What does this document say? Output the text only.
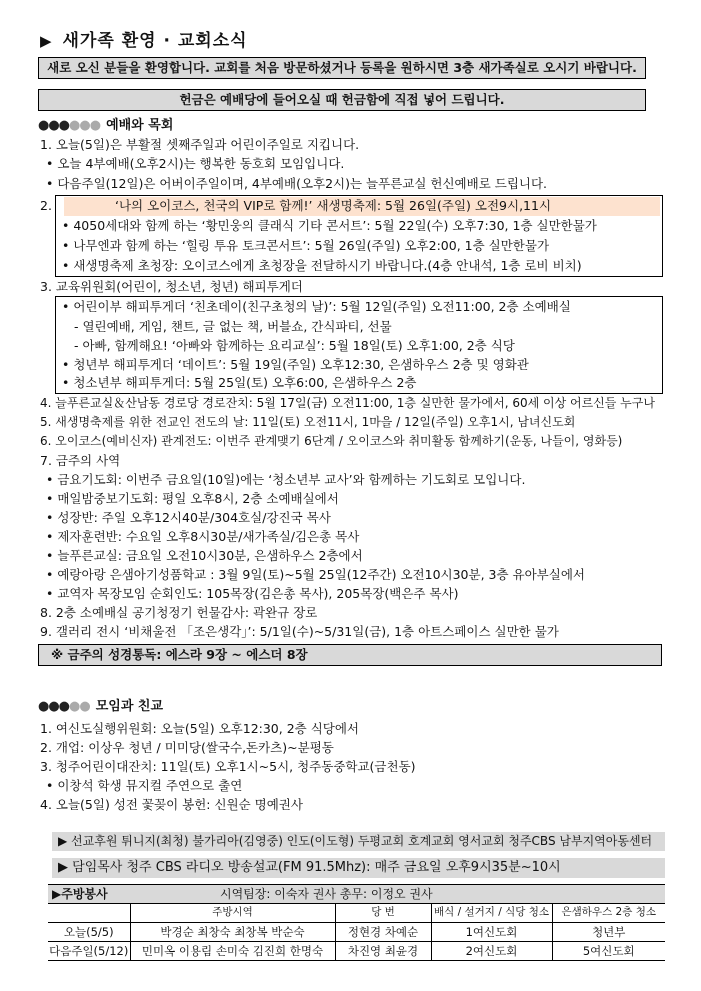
▶ 새가족 환영 · 교회소식
새로 오신 분들을 환영합니다. 교회를 처음 방문하셨거나 등록을 원하시면 3층 새가족실로 오시기 바랍니다.
헌금은 예배당에 들어오실 때 헌금함에 직접 넣어 드립니다.
●●●●●● 예배와 목회
1. 오늘(5일)은 부활절 셋째주일과 어린이주일로 지킵니다.
• 오늘 4부예배(오후2시)는 행복한 동호회 모임입니다.
• 다음주일(12일)은 어버이주일이며, 4부예배(오후2시)는 늘푸른교실 헌신예배로 드립니다.
2.	‘나의 오이코스, 천국의 VIP로 함께!’ 새생명축제: 5월 26일(주일) 오전9시,11시
• 4050세대와 함께 하는 ‘황민웅의 클래식 기타 콘서트’: 5월 22일(수) 오후7:30, 1층 실만한물가
• 나무엔과 함께 하는 ‘힐링 투유 토크콘서트’: 5월 26일(주일) 오후2:00, 1층 실만한물가
• 새생명축제 초청장: 오이코스에게 초청장을 전달하시기 바랍니다.(4층 안내석, 1층 로비 비치)
3. 교육위원회(어린이, 청소년, 청년) 해피투게더
• 어린이부 해피투게더 ‘친초데이(친구초청의 날)’: 5월 12일(주일) 오전11:00, 2층 소예배실
- 열린예배, 게임, 챈트, 글 없는 책, 버블쇼, 간식파티, 선물
- 아빠, 함께해요! ‘아빠와 함께하는 요리교실’: 5월 18일(토) 오후1:00, 2층 식당
• 청년부 해피투게더 ‘데이트’: 5월 19일(주일) 오후12:30, 은샘하우스 2층 및 영화관
• 청소년부 해피투게더: 5월 25일(토) 오후6:00, 은샘하우스 2층
4. 늘푸른교실＆산남동 경로당 경로잔치: 5월 17일(금) 오전11:00, 1층 실만한 물가에서, 60세 이상 어르신들 누구나
5. 새생명축제를 위한 전교인 전도의 날: 11일(토) 오전11시, 1마을 / 12일(주일) 오후1시, 남녀신도회
6. 오이코스(예비신자) 관계전도: 이번주 관계맺기 6단계 / 오이코스와 취미활동 함께하기(운동, 나들이, 영화등)
7. 금주의 사역
• 금요기도회: 이번주 금요일(10일)에는 ‘청소년부 교사’와 함께하는 기도회로 모입니다.
• 매일밤중보기도회: 평일 오후8시, 2층 소예배실에서
• 성장반: 주일 오후12시40분/304호실/강진국 목사
• 제자훈련반: 수요일 오후8시30분/새가족실/김은총 목사
• 늘푸른교실: 금요일 오전10시30분, 은샘하우스 2층에서
• 예랑아랑 은샘아기성품학교 : 3월 9일(토)~5월 25일(12주간) 오전10시30분, 3층 유아부실에서
• 교역자 목장모임 순회인도: 105목장(김은총 목사), 205목장(백은주 목사)
8. 2층 소예배실 공기청정기 헌물감사: 곽완규 장로
9. 갤러리 전시 ‘비채울전 「조은생각」’: 5/1일(수)~5/31일(금), 1층 아트스페이스 실만한 물가
※ 금주의 성경통독: 에스라 9장 ~ 에스더 8장
●●●●● 모임과 친교
1. 여신도실행위원회: 오늘(5일) 오후12:30, 2층 식당에서
2. 개업: 이상우 청년 / 미미당(쌀국수,돈카츠)~분평동
3. 청주어린이대잔치: 11일(토) 오후1시~5시, 청주동중학교(금천동)
• 이창석 학생 뮤지컬 주연으로 출연
4. 오늘(5일) 성전 꽃꽂이 봉헌: 신원순 명예권사
▶ 선교후원 튀니지(최청) 불가리아(김영중) 인도(이도형) 두평교회 호계교회 영서교회 청주CBS 남부지역아동센터
▶ 담임목사 청주 CBS 라디오 방송설교(FM 91.5Mhz): 매주 금요일 오후9시35분~10시
▶주방봉사	시역팀장: 이숙자 권사 총무: 이정오 권사
	주방시역	당 번	배식 / 설거지 / 식당 청소	은샘하우스 2층 청소
오늘(5/5)	박경순 최창숙 최창복 박순숙	정현경 차예순	1여신도회	청년부
다음주일(5/12)	민미옥 이용림 손미숙 김진희 한명숙	차진영 최윤경	2여신도회	5여신도회
